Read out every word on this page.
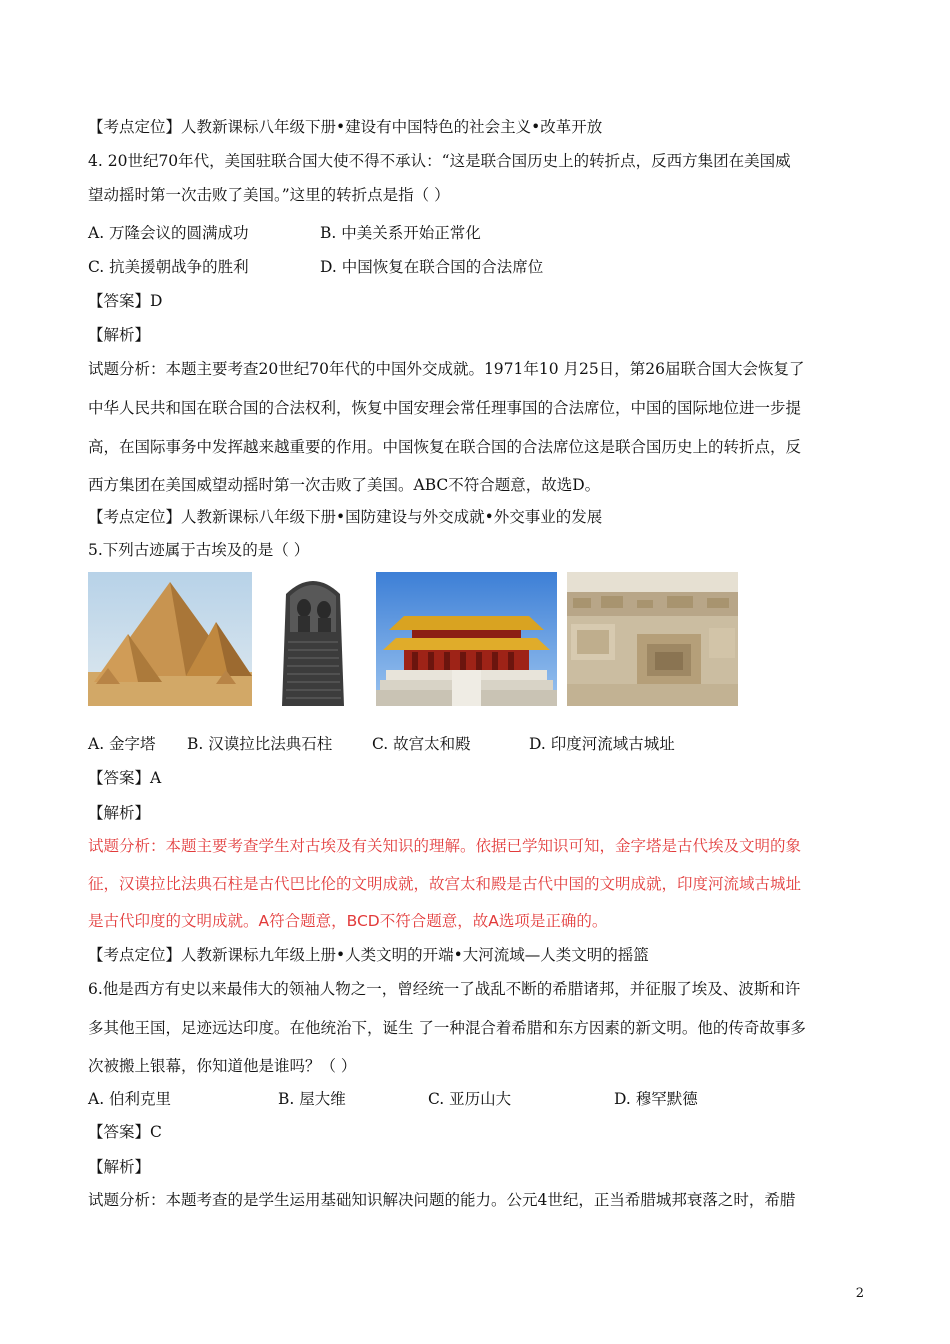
【考点定位】人教新课标八年级下册•建设有中国特色的社会主义•改革开放
4. 20世纪70年代，美国驻联合国大使不得不承认：“这是联合国历史上的转折点，反西方集团在美国威
望动摇时第一次击败了美国。”这里的转折点是指（ ）
A. 万隆会议的圆满成功	B. 中美关系开始正常化
C. 抗美援朝战争的胜利	D. 中国恢复在联合国的合法席位
【答案】D
【解析】
试题分析：本题主要考查20世纪70年代的中国外交成就。1971年10 月25日，第26届联合国大会恢复了
中华人民共和国在联合国的合法权利，恢复中国安理会常任理事国的合法席位，中国的国际地位进一步提
高，在国际事务中发挥越来越重要的作用。中国恢复在联合国的合法席位这是联合国历史上的转折点，反
西方集团在美国威望动摇时第一次击败了美国。ABC不符合题意，故选D。
【考点定位】人教新课标八年级下册•国防建设与外交成就•外交事业的发展
5.下列古迹属于古埃及的是（ ）
A. 金字塔 B. 汉谟拉比法典石柱	C. 故宫太和殿	D. 印度河流域古城址
【答案】A
【解析】
试题分析：本题主要考查学生对古埃及有关知识的理解。依据已学知识可知，金字塔是古代埃及文明的象
征，汉谟拉比法典石柱是古代巴比伦的文明成就，故宫太和殿是古代中国的文明成就，印度河流域古城址
是古代印度的文明成就。A符合题意，BCD不符合题意，故A选项是正确的。
【考点定位】人教新课标九年级上册•人类文明的开端•大河流域—人类文明的摇篮
6.他是西方有史以来最伟大的领袖人物之一，曾经统一了战乱不断的希腊诸邦，并征服了埃及、波斯和许
多其他王国，足迹远达印度。在他统治下，诞生 了一种混合着希腊和东方因素的新文明。他的传奇故事多
次被搬上银幕，你知道他是谁吗？（ ）
A. 伯利克里	B. 屋大维	C. 亚历山大	D. 穆罕默德
【答案】C
【解析】
试题分析：本题考查的是学生运用基础知识解决问题的能力。公元4世纪，正当希腊城邦衰落之时，希腊
2
